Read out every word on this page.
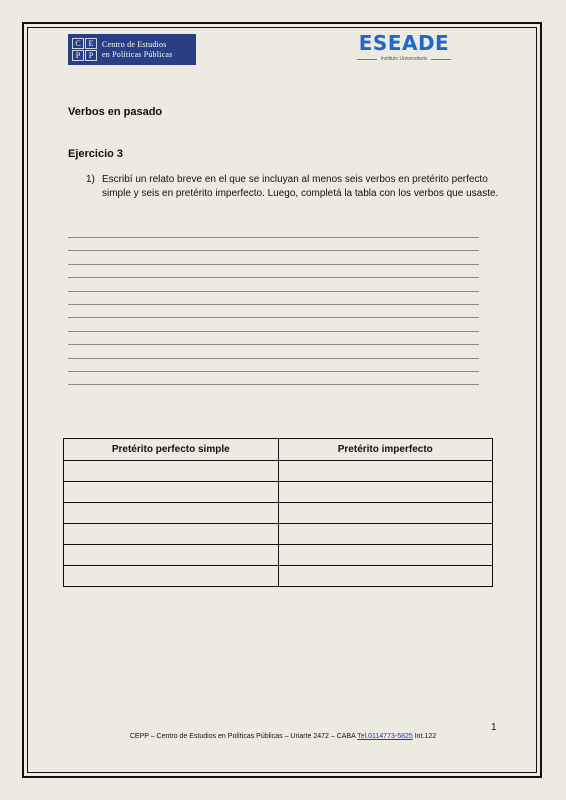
C E
P	P
Centro de Estudios
en Políticas Públicas	ESEADE
Instituto Universitario
Verbos en pasado
Ejercicio 3
1) Escribí un relato breve en el que se incluyan al menos seis verbos en pretérito perfecto simple y seis en pretérito imperfecto. Luego, completá la tabla con los verbos que usaste.
Pretérito perfecto simple	Pretérito imperfecto

1
CEPP – Centro de Estudios en Políticas Públicas – Uriarte 2472 – CABA Tel.0114773-5825 Int.122
